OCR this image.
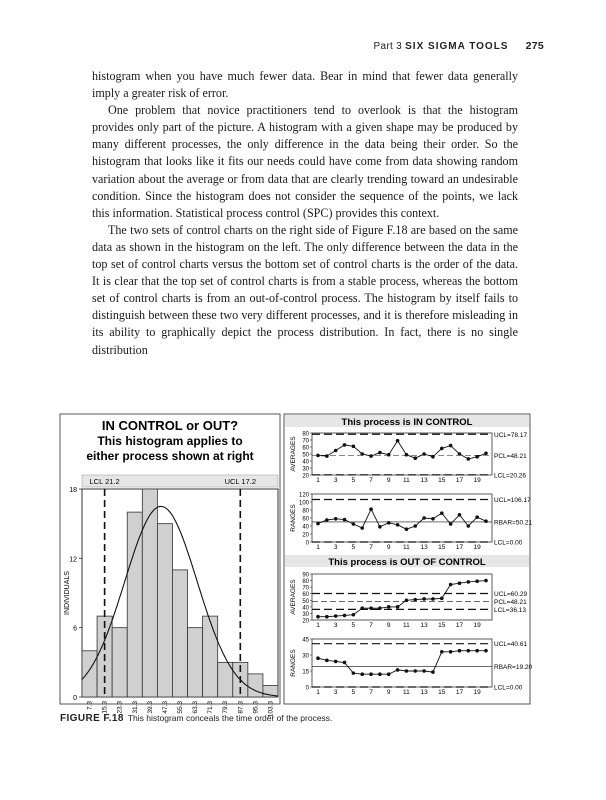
Part 3 SIX SIGMA TOOLS 275

histogram when you have much fewer data. Bear in mind that fewer data generally imply a greater risk of error.

One problem that novice practitioners tend to overlook is that the histogram provides only part of the picture. A histogram with a given shape may be produced by many different processes, the only difference in the data being their order. So the histogram that looks like it fits our needs could have come from data showing random variation about the average or from data that are clearly trending toward an undesirable condition. Since the histogram does not consider the sequence of the points, we lack this information. Statistical process control (SPC) provides this context.

The two sets of control charts on the right side of Figure F.18 are based on the same data as shown in the histogram on the left. The only difference between the data in the top set of control charts versus the bottom set of control charts is the order of the data. It is clear that the top set of control charts is from a stable process, whereas the bottom set of control charts is from an out-of-control process. The histogram by itself fails to distinguish between these two very different processes, and it is therefore misleading in its ability to graphically depict the process distribution. In fact, there is no single distribution

IN CONTROL or OUT?
This histogram applies to
either process shown at right
0
6
12
18
INDIVIDUALS
7.3 15.3 23.3 31.3 39.3 47.3 55.3 63.3 71.3 79.3 87.3 95.3 103.3
LCL 21.2	UCL 17.2
This process is IN CONTROL
This process is OUT OF CONTROL
20
30
40
50
60
70
80
AVERAGES
UCL=78.17
PCL=48.21
LCL=20.26
1 3 5 7 9 11 13 15 17 19
0
20
40
60
80
100
120
RANGES
UCL=106.17
RBAR=50.21
LCL=0.00
1 3 5 7 9 11 13 15 17 19
20
30
40
50
60
70
80
90
AVERAGES	UCL=60.29
PCL=48.21
LCL=36.13
1 3 5 7 9 11 13 15 17 19
0
15
30
45
RANGES
UCL=40.61
RBAR=19.20
LCL=0.00
1 3 5 7 9 11 13 15 17 19
FIGURE F.18 This histogram conceals the time order of the process.
